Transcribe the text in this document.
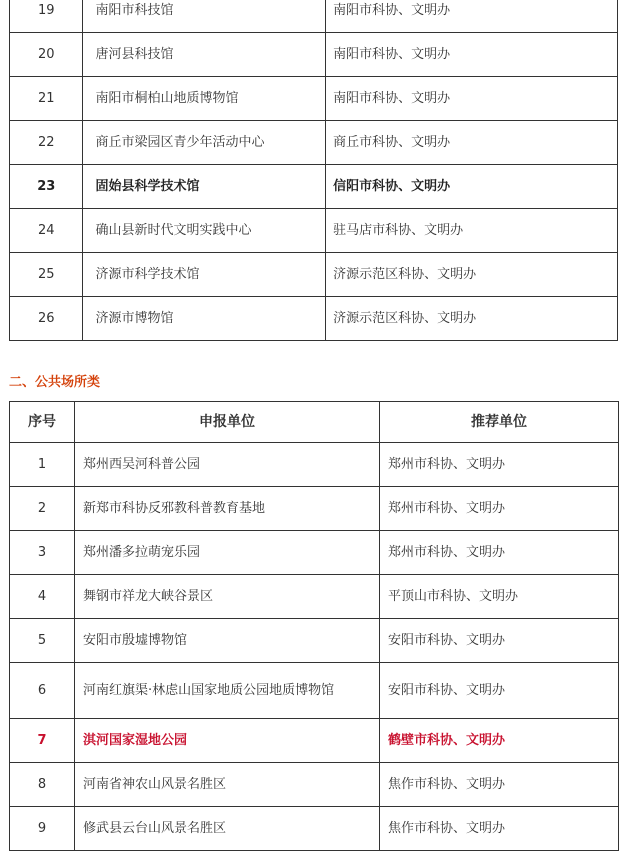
19	南阳市科技馆	南阳市科协、文明办
20	唐河县科技馆	南阳市科协、文明办
21	南阳市桐柏山地质博物馆	南阳市科协、文明办
22	商丘市梁园区青少年活动中心	商丘市科协、文明办
23	固始县科学技术馆	信阳市科协、文明办
24	确山县新时代文明实践中心	驻马店市科协、文明办
25	济源市科学技术馆	济源示范区科协、文明办
26	济源市博物馆	济源示范区科协、文明办
二、公共场所类
序号	申报单位	推荐单位
1	郑州西吴河科普公园	郑州市科协、文明办
2	新郑市科协反邪教科普教育基地	郑州市科协、文明办
3	郑州潘多拉萌宠乐园	郑州市科协、文明办
4	舞钢市祥龙大峡谷景区	平顶山市科协、文明办
5	安阳市殷墟博物馆	安阳市科协、文明办
6	河南红旗渠·林虑山国家地质公园地质博物馆	安阳市科协、文明办
7	淇河国家湿地公园	鹤壁市科协、文明办
8	河南省神农山风景名胜区	焦作市科协、文明办
9	修武县云台山风景名胜区	焦作市科协、文明办
